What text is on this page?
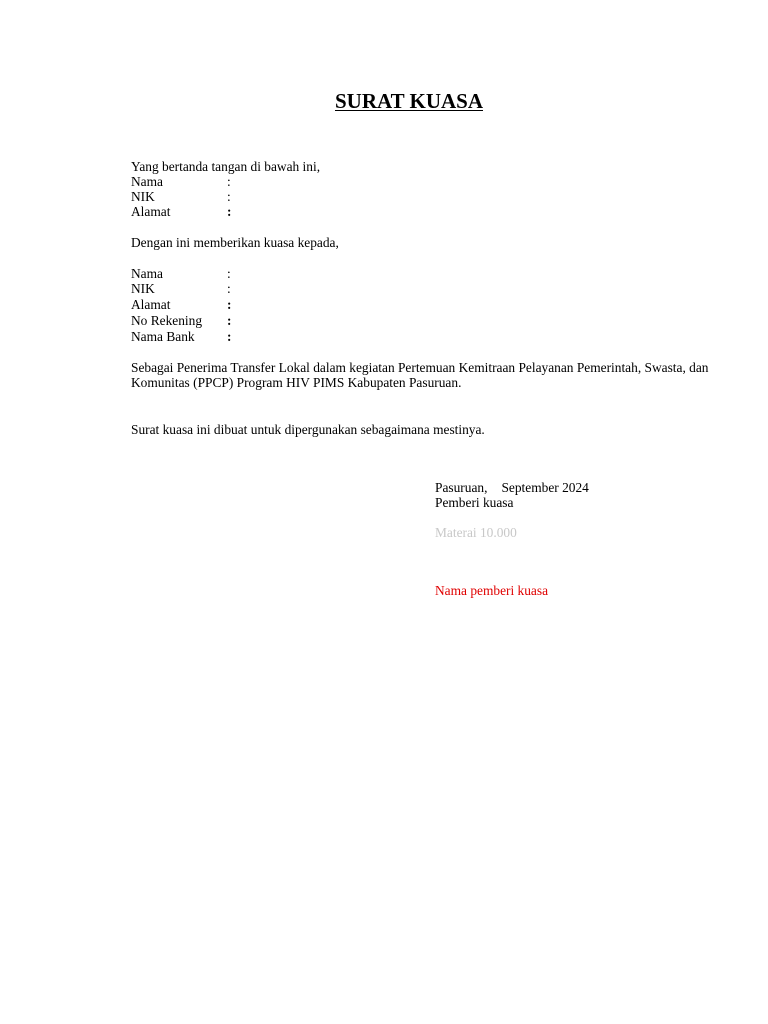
SURAT KUASA
Yang bertanda tangan di bawah ini,
Nama	:
NIK	:
Alamat	:
Dengan ini memberikan kuasa kepada,
Nama	:
NIK	:
Alamat	:
No Rekening :
Nama Bank :
Sebagai Penerima Transfer Lokal dalam kegiatan Pertemuan Kemitraan Pelayanan Pemerintah, Swasta, dan Komunitas (PPCP) Program HIV PIMS Kabupaten Pasuruan.
Surat kuasa ini dibuat untuk dipergunakan sebagaimana mestinya.
Pasuruan, September 2024
Pemberi kuasa
Materai 10.000
Nama pemberi kuasa
